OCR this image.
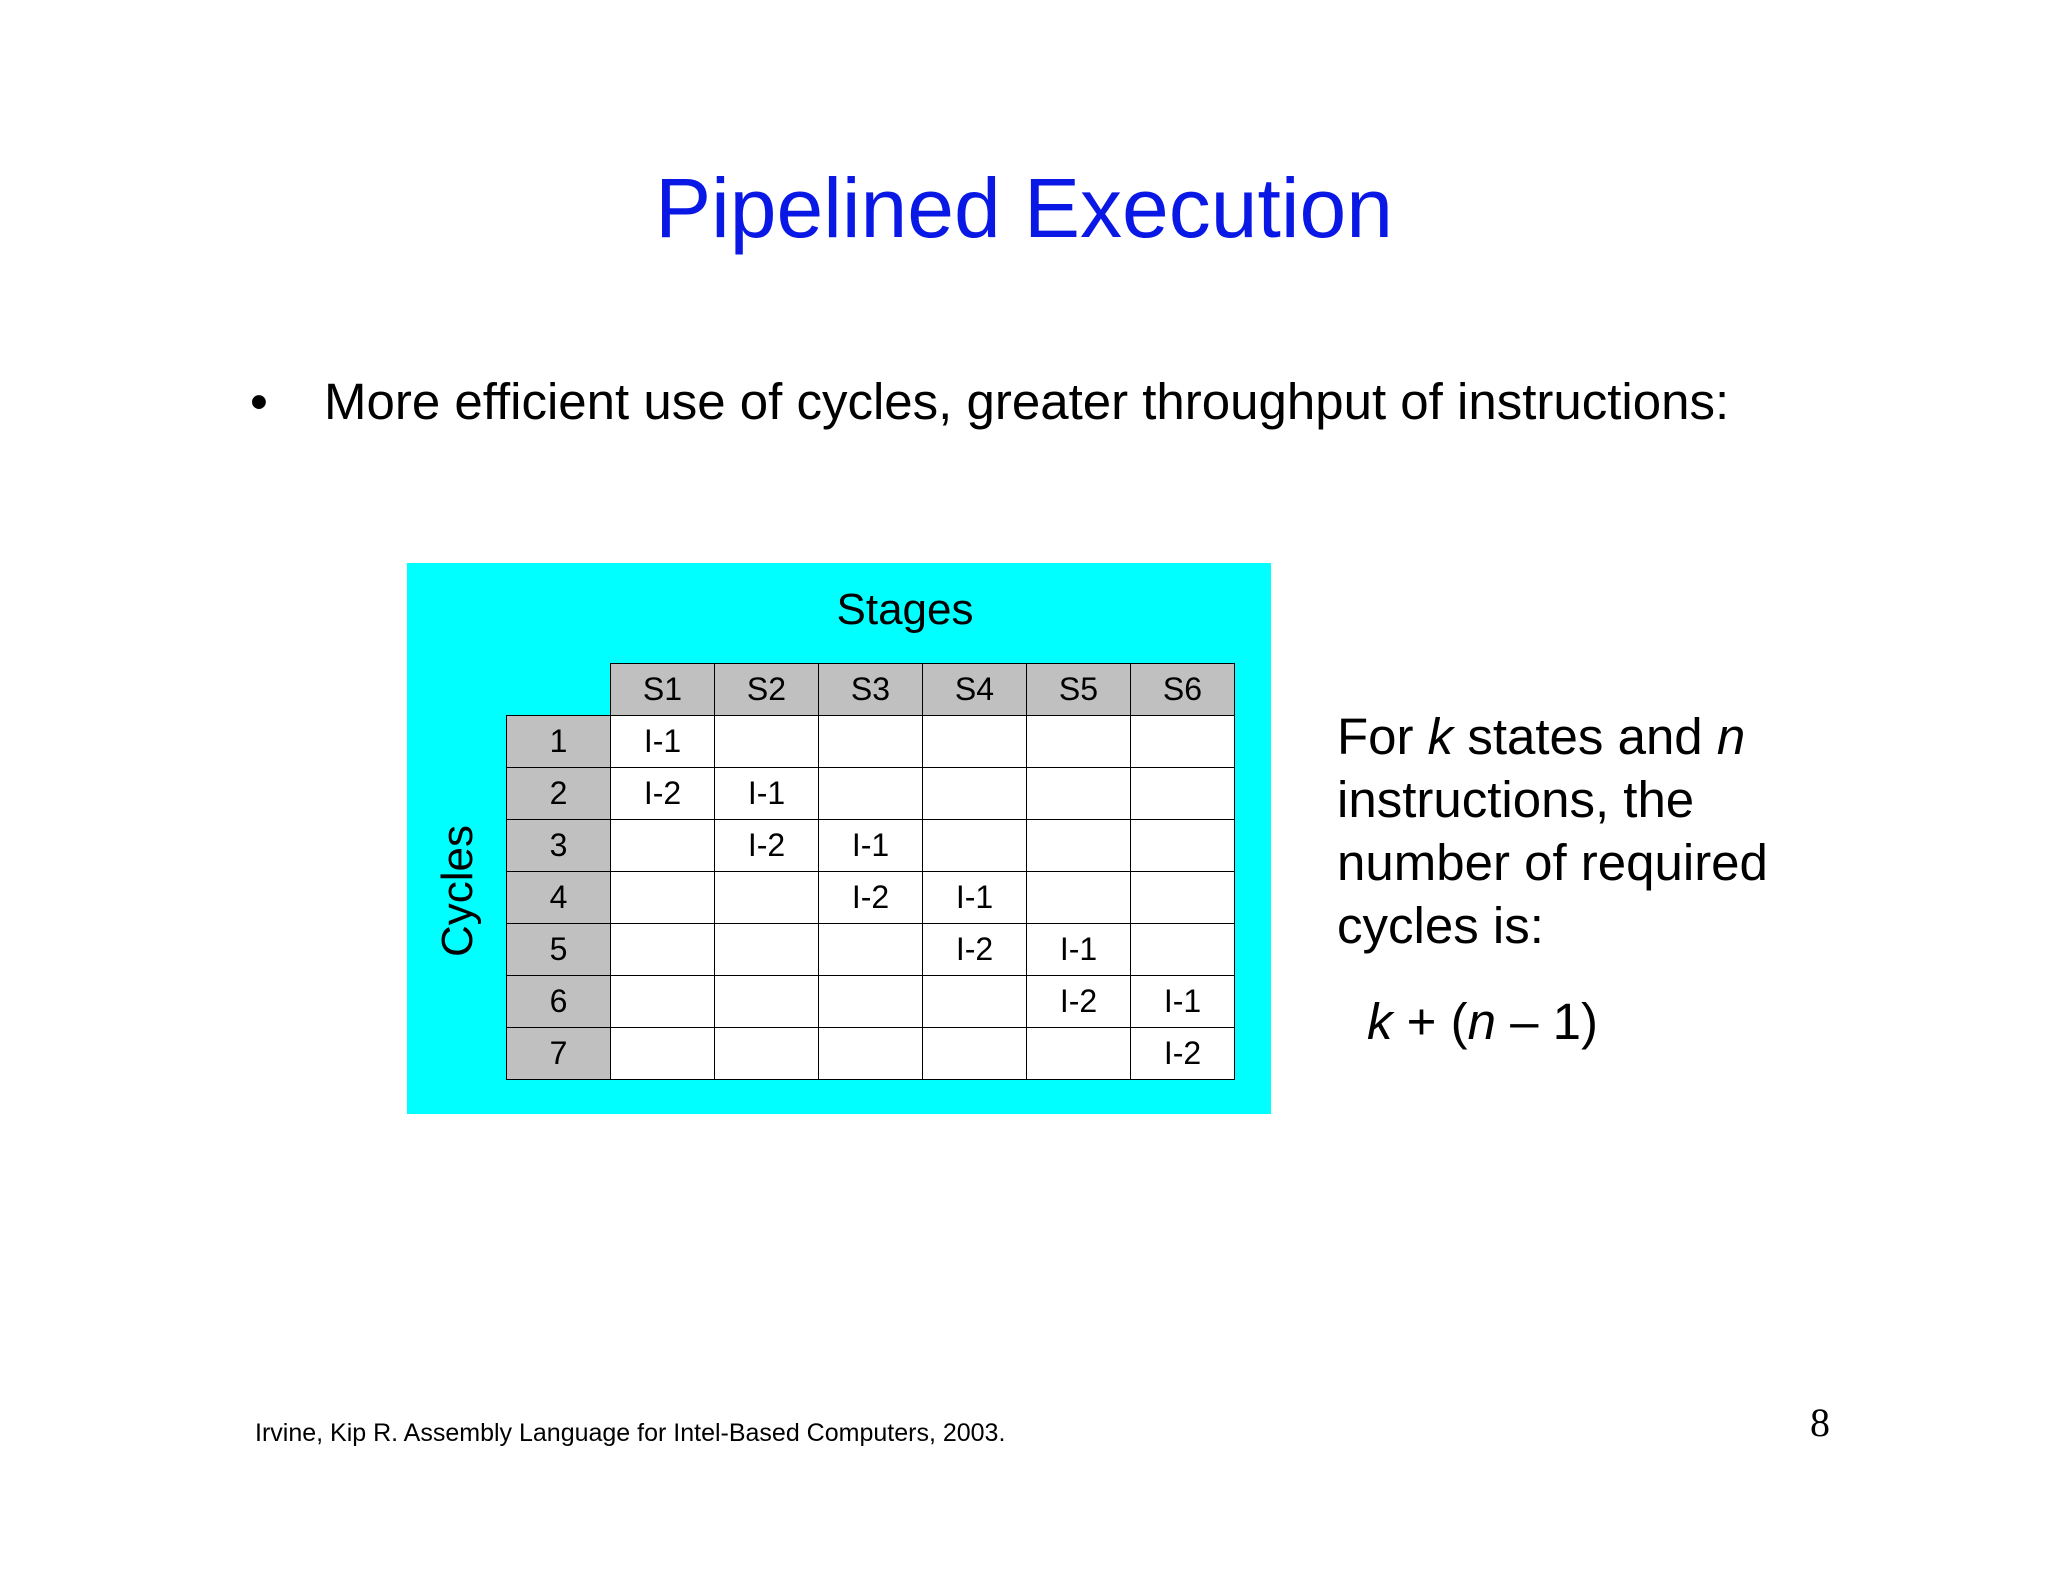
Pipelined Execution
• More efficient use of cycles, greater throughput of instructions:
Stages
Cycles
	S1	S2	S3	S4	S5	S6
1	I-1					
2	I-2	I-1				
3		I-2	I-1			
4			I-2	I-1		
5				I-2	I-1	
6					I-2	I-1
7						I-2
For k states and n
instructions, the
number of required
cycles is:
k + (n – 1)
Irvine, Kip R. Assembly Language for Intel-Based Computers, 2003.	8
